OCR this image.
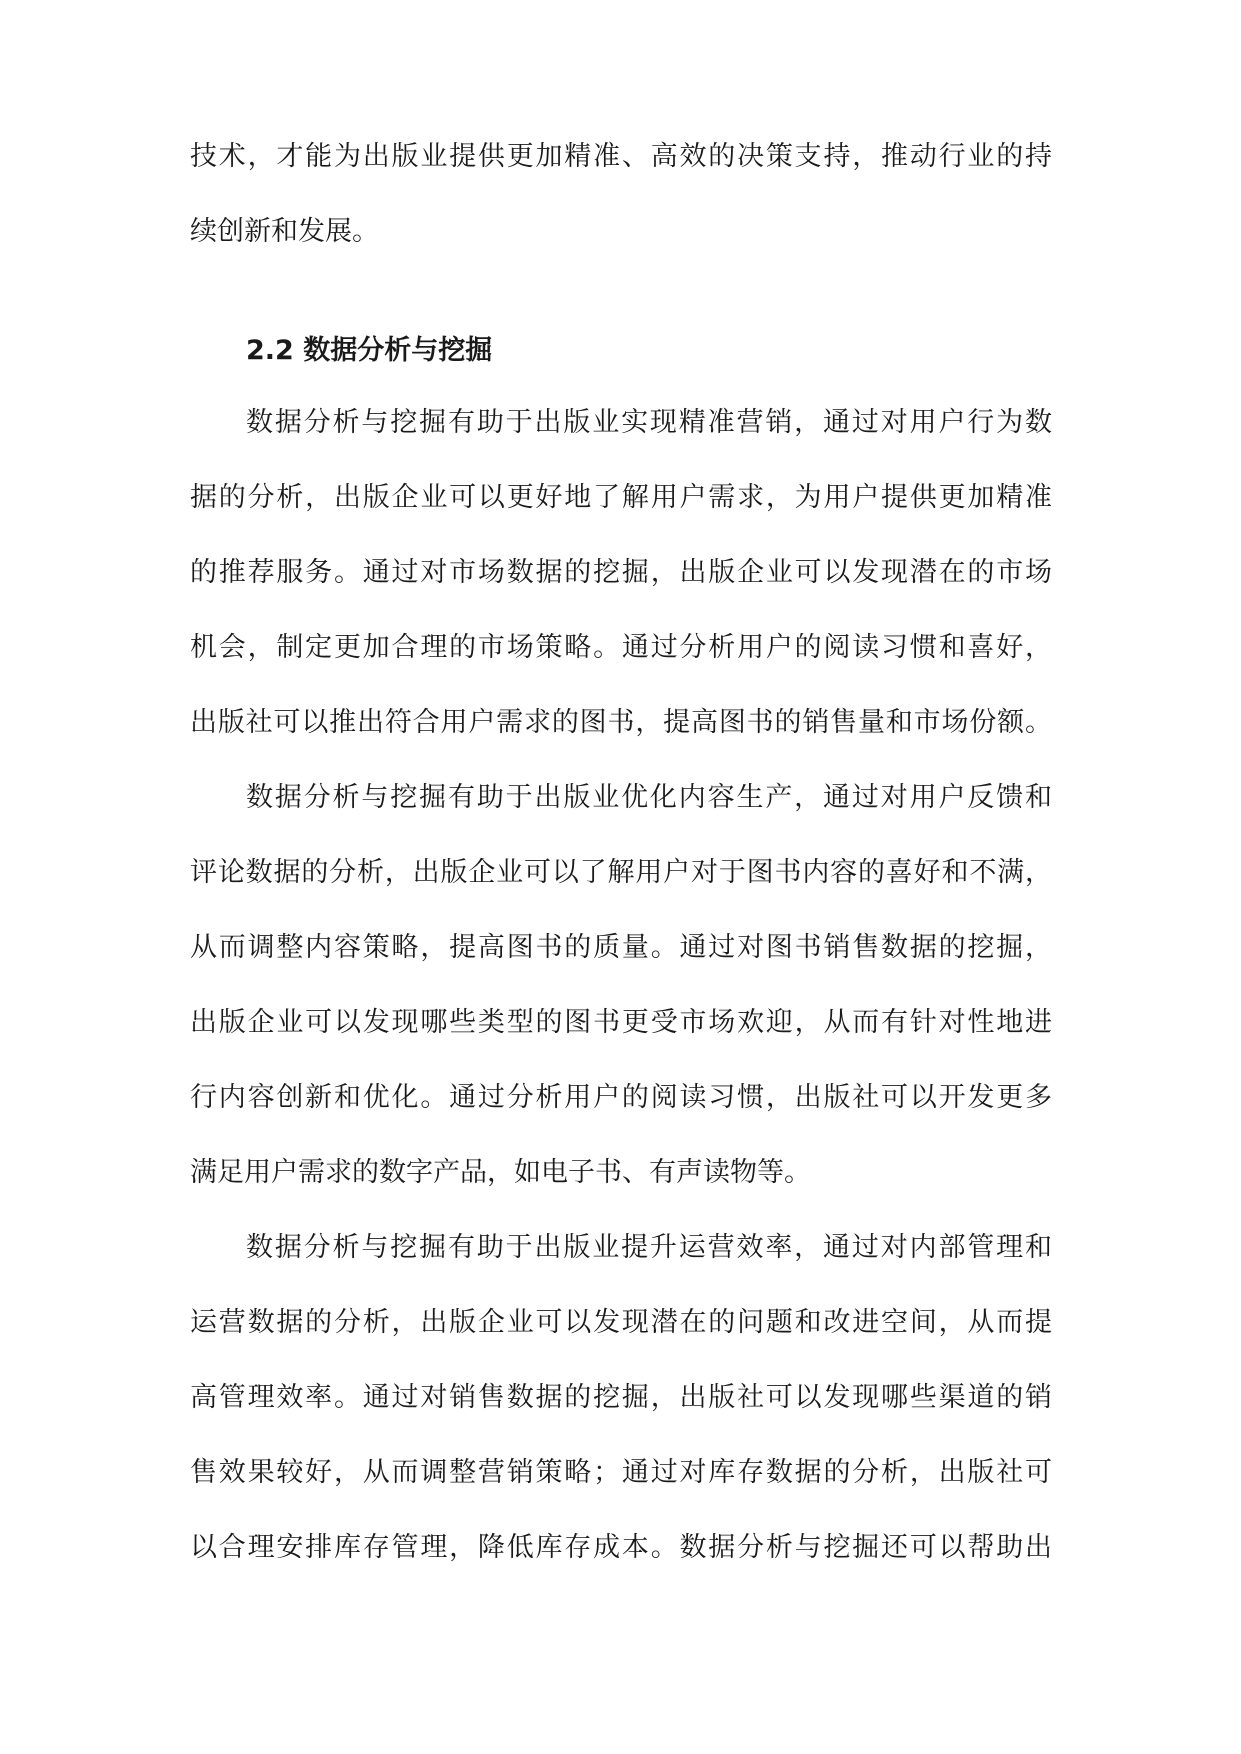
技术，才能为出版业提供更加精准、高效的决策支持，推动行业的持
续创新和发展。
2.2 数据分析与挖掘
数据分析与挖掘有助于出版业实现精准营销，通过对用户行为数
据的分析，出版企业可以更好地了解用户需求，为用户提供更加精准
的推荐服务。通过对市场数据的挖掘，出版企业可以发现潜在的市场
机会，制定更加合理的市场策略。通过分析用户的阅读习惯和喜好，
出版社可以推出符合用户需求的图书，提高图书的销售量和市场份额。
数据分析与挖掘有助于出版业优化内容生产，通过对用户反馈和
评论数据的分析，出版企业可以了解用户对于图书内容的喜好和不满，
从而调整内容策略，提高图书的质量。通过对图书销售数据的挖掘，
出版企业可以发现哪些类型的图书更受市场欢迎，从而有针对性地进
行内容创新和优化。通过分析用户的阅读习惯，出版社可以开发更多
满足用户需求的数字产品，如电子书、有声读物等。
数据分析与挖掘有助于出版业提升运营效率，通过对内部管理和
运营数据的分析，出版企业可以发现潜在的问题和改进空间，从而提
高管理效率。通过对销售数据的挖掘，出版社可以发现哪些渠道的销
售效果较好，从而调整营销策略；通过对库存数据的分析，出版社可
以合理安排库存管理，降低库存成本。数据分析与挖掘还可以帮助出
